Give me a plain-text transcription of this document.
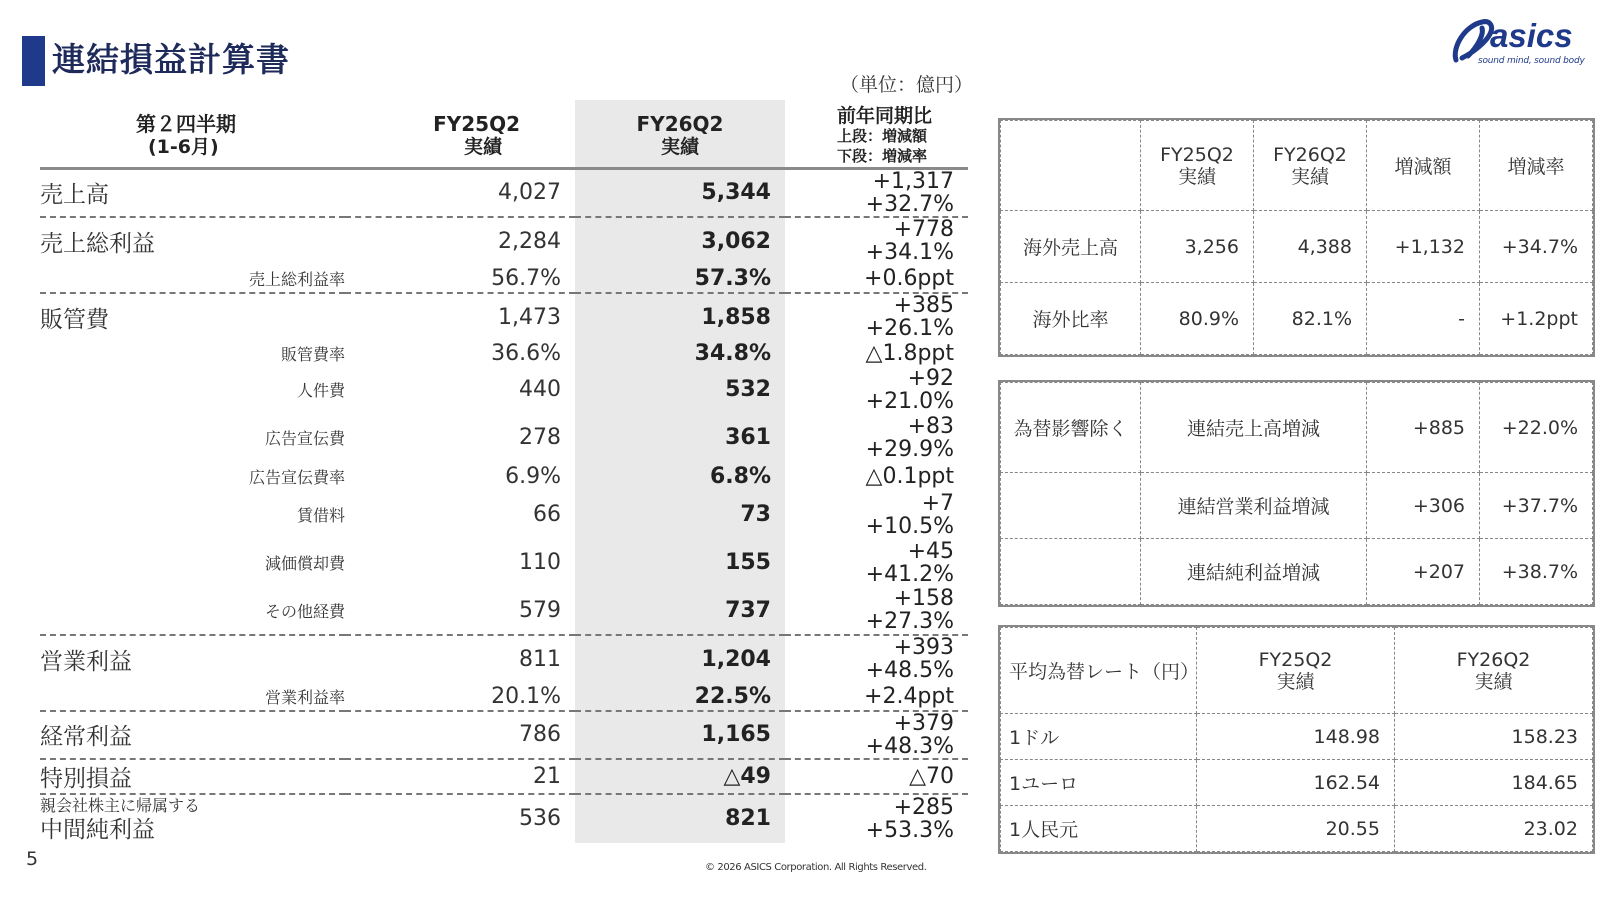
連結損益計算書
（単位：億円）
asics
sound mind, sound body
第２四半期
(1-6月)	FY25Q2
実績	FY26Q2
実績	前年同期比
上段：増減額
下段：増減率

売上高	4,027	5,344	+1,317
+32.7%

売上総利益	2,284	3,062	+778
+34.1%

売上総利益率	56.7%	57.3%	+0.6ppt
販管費	1,473	1,858	+385
+26.1%

販管費率	36.6%	34.8%	△1.8ppt
人件費	440	532	+92
+21.0%

広告宣伝費	278	361	+83
+29.9%

広告宣伝費率	6.9%	6.8%	△0.1ppt
賃借料	66	73	+7
+10.5%

減価償却費	110	155	+45
+41.2%

その他経費	579	737	+158
+27.3%

営業利益	811	1,204	+393
+48.5%

営業利益率	20.1%	22.5%	+2.4ppt
経常利益	786	1,165	+379
+48.3%

特別損益	21	△49	△70

親会社株主に帰属する
中間純利益	536	821	+285
+53.3%

	FY25Q2
実績	FY26Q2
実績	増減額	増減率
海外売上高	3,256	4,388	+1,132	+34.7%
海外比率	80.9%	82.1%	-	+1.2ppt
為替影響除く	連結売上高増減	+885	+22.0%
	連結営業利益増減	+306	+37.7%
	連結純利益増減	+207	+38.7%
平均為替レート（円）	FY25Q2
実績	FY26Q2
実績

1ドル	148.98	158.23
1ユーロ	162.54	184.65
1人民元	20.55	23.02
5	© 2026 ASICS Corporation. All Rights Reserved.
